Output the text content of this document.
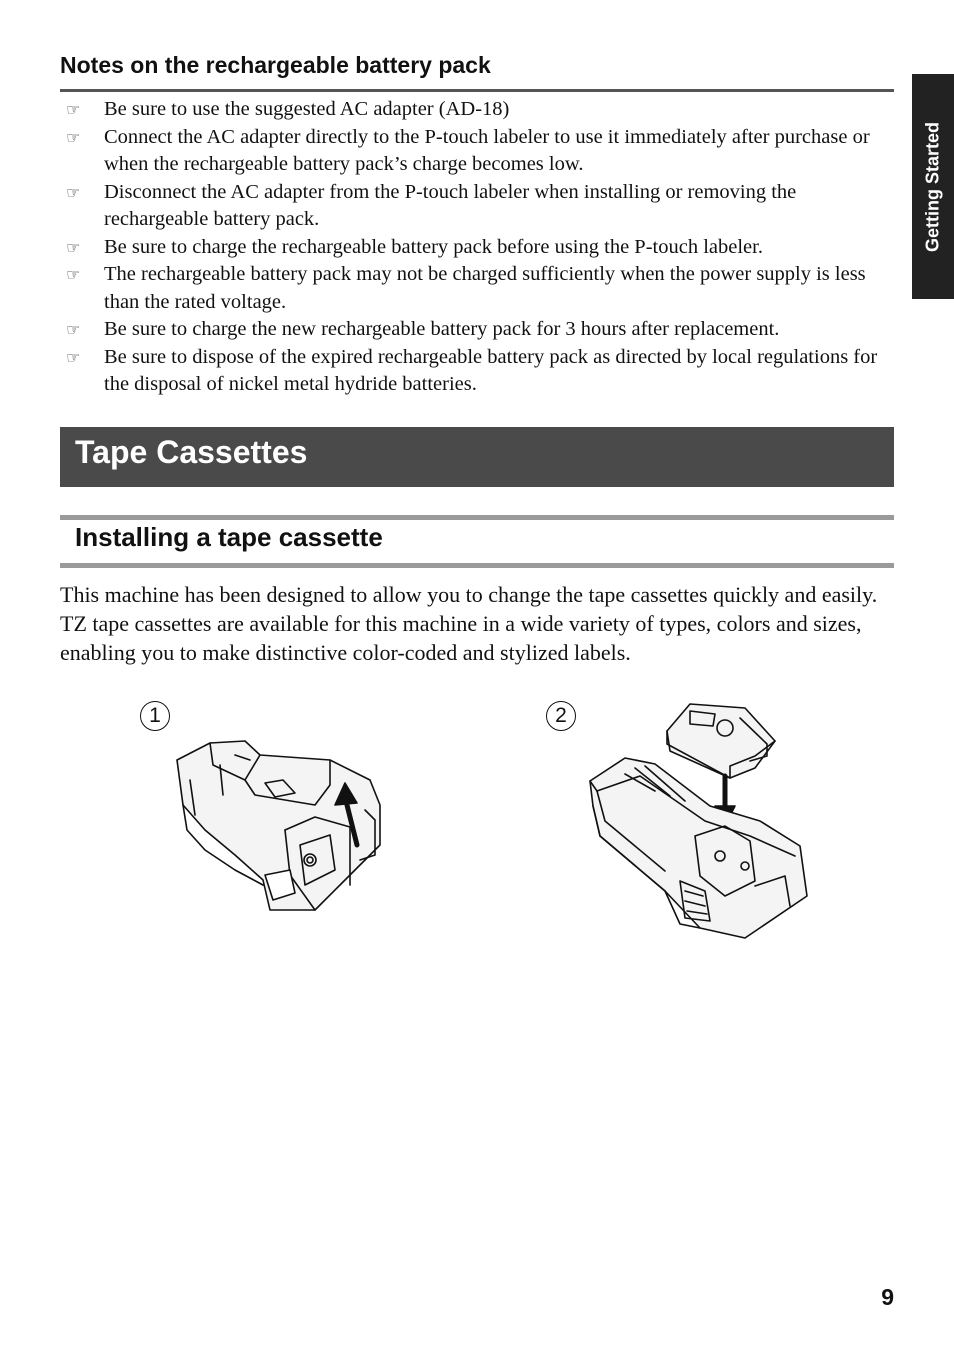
Notes on the rechargeable battery pack
☞	Be sure to use the suggested AC adapter (AD-18)
☞	Connect the AC adapter directly to the P-touch labeler to use it immediately after purchase or when the rechargeable battery pack’s charge becomes low.
☞	Disconnect the AC adapter from the P-touch labeler when installing or removing the rechargeable battery pack.
☞	Be sure to charge the rechargeable battery pack before using the P-touch labeler.
☞	The rechargeable battery pack may not be charged sufficiently when the power supply is less than the rated voltage.
☞	Be sure to charge the new rechargeable battery pack for 3 hours after replacement.
☞	Be sure to dispose of the expired rechargeable battery pack as directed by local regulations for the disposal of nickel metal hydride batteries.
Getting Started
Tape Cassettes
Installing a tape cassette

This machine has been designed to allow you to change the tape cassettes quickly and easily. TZ tape cassettes are available for this machine in a wide variety of types, colors and sizes, enabling you to make distinctive color-coded and stylized labels.

1	2
9
